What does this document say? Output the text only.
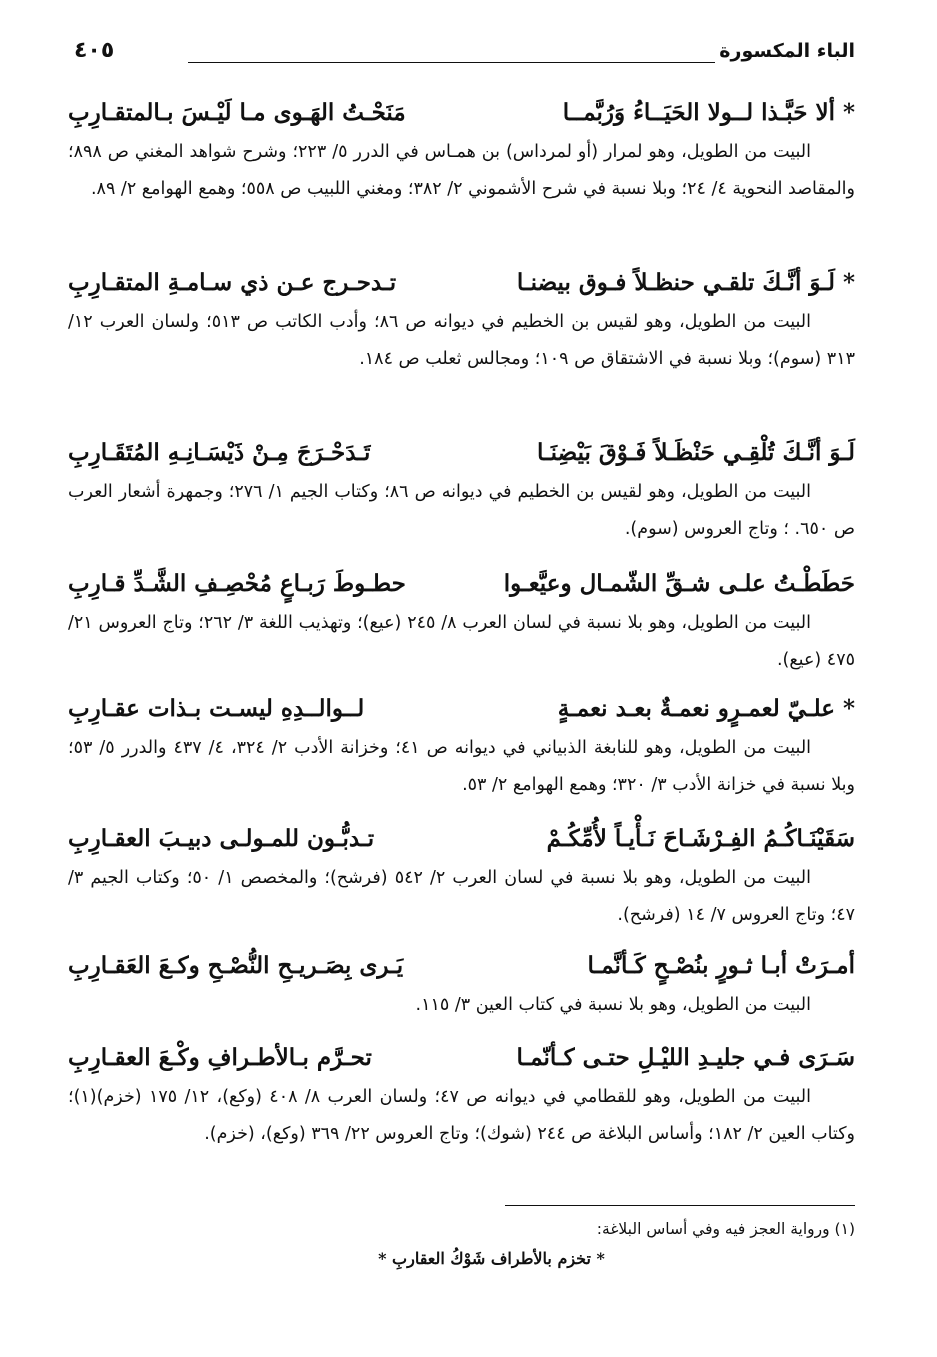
الباء المكسورة
٤٠٥
* ألا حَبَّـذا لــولا الحَيَــاءُ وَرُبَّمــا
مَنَحْـتُ الهَـوى مـا لَيْـسَ بـالمتقـارِبِ

البيت من الطويل، وهو لمرار (أو لمرداس) بن همـاس في الدرر ٥/ ٢٢٣؛ وشرح شواهد المغني ص ٨٩٨؛ والمقاصد النحوية ٤/ ٢٤؛ وبلا نسبة في شرح الأشموني ٢/ ٣٨٢؛ ومغني اللبيب ص ٥٥٨؛ وهمع الهوامع ٢/ ٨٩.

* لَـوَ أنَّـكَ تلقـي حنظـلاً فـوق بيضنـا
تـدحـرج عـن ذي سـامـةِ المتقـارِبِ

البيت من الطويل، وهو لقيس بن الخطيم في ديوانه ص ٨٦؛ وأدب الكاتب ص ٥١٣؛ ولسان العرب ١٢/ ٣١٣ (سوم)؛ وبلا نسبة في الاشتقاق ص ١٠٩؛ ومجالس ثعلب ص ١٨٤.

لَـوَ أنَّـكَ تُلْقِـي حَنْظَـلاً فَـوْقَ بَيْضِنَـا
تَـدَحْـرَجَ مِـنْ ذَيْسَـانِـهِ المُتَقَـارِبِ

البيت من الطويل، وهو لقيس بن الخطيم في ديوانه ص ٨٦؛ وكتاب الجيم ١/ ٢٧٦؛ وجمهرة أشعار العرب ص ٦٥٠. ؛ وتاج العروس (سوم).

حَطَطْـتُ علـى شـقِّ الشّمـال وعيَّعـوا
حطـوطَ رَبـاعٍ مُحْصِـفِ الشَّـدِّ قـارِبِ

البيت من الطويل، وهو بلا نسبة في لسان العرب ٨/ ٢٤٥ (عيع)؛ وتهذيب اللغة ٣/ ٢٦٢؛ وتاج العروس ٢١/ ٤٧٥ (عيع).

* علـيّ لعمـرٍو نعمـةٌ بعـد نعمـةٍ
لــوالــدِهِ ليسـت بـذات عقـارِبِ

البيت من الطويل، وهو للنابغة الذبياني في ديوانه ص ٤١؛ وخزانة الأدب ٢/ ٣٢٤، ٤/ ٤٣٧ والدرر ٥/ ٥٣؛ وبلا نسبة في خزانة الأدب ٣/ ٣٢٠؛ وهمع الهوامع ٢/ ٥٣.

سَقَيْنَـاكُـمُ الفِـرْشَـاحَ نَـأْيـاً لأُمِّكُـمْ
تـدبُّـون للمـولـى دبيـبَ العقـارِبِ

البيت من الطويل، وهو بلا نسبة في لسان العرب ٢/ ٥٤٢ (فرشح)؛ والمخصص ١/ ٥٠؛ وكتاب الجيم ٣/ ٤٧؛ وتاج العروس ٧/ ١٤ (فرشح).

أمـرَتْ أبـا ثـورٍ بنُصْـحٍ كَـأنَّمـا
يَـرى بِصَـريـحِ النُّصْـحِ وكـعَ العَقـارِبِ

البيت من الطويل، وهو بلا نسبة في كتاب العين ٣/ ١١٥.

سَـرَى فـي جليـدِ الليْـلِ حتـى كـأنّمـا
تحـرَّم بـالأطـرافِ وكْـعَ العقـارِبِ

البيت من الطويل، وهو للقطامي في ديوانه ص ٤٧؛ ولسان العرب ٨/ ٤٠٨ (وكع)، ١٢/ ١٧٥ (خزم)(١)؛ وكتاب العين ٢/ ١٨٢؛ وأساس البلاغة ص ٢٤٤ (شوك)؛ وتاج العروس ٢٢/ ٣٦٩ (وكع)، (خزم).

(١) ورواية العجز فيه وفي أساس البلاغة:
* تخزم بالأطراف شَوْكُ العقاربِ *
